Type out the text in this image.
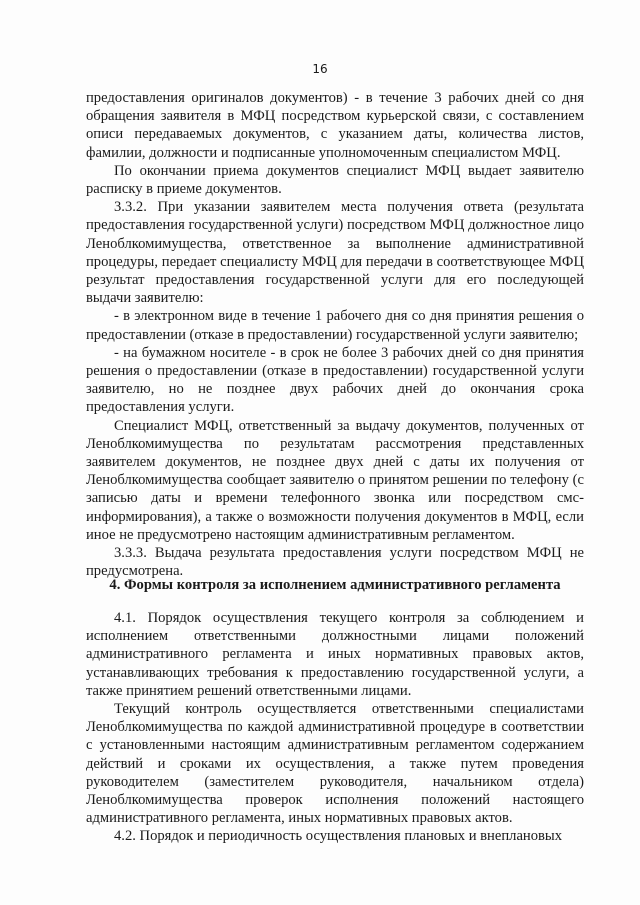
16

предоставления оригиналов документов) - в течение 3 рабочих дней со дня обращения заявителя в МФЦ посредством курьерской связи, с составлением описи передаваемых документов, с указанием даты, количества листов, фамилии, должности и подписанные уполномоченным специалистом МФЦ.

По окончании приема документов специалист МФЦ выдает заявителю расписку в приеме документов.

3.3.2. При указании заявителем места получения ответа (результата предоставления государственной услуги) посредством МФЦ должностное лицо Леноблкомимущества, ответственное за выполнение административной процедуры, передает специалисту МФЦ для передачи в соответствующее МФЦ результат предоставления государственной услуги для его последующей выдачи заявителю:

- в электронном виде в течение 1 рабочего дня со дня принятия решения о предоставлении (отказе в предоставлении) государственной услуги заявителю;

- на бумажном носителе - в срок не более 3 рабочих дней со дня принятия решения о предоставлении (отказе в предоставлении) государственной услуги заявителю, но не позднее двух рабочих дней до окончания срока предоставления услуги.

Специалист МФЦ, ответственный за выдачу документов, полученных от Леноблкомимущества по результатам рассмотрения представленных заявителем документов, не позднее двух дней с даты их получения от Леноблкомимущества сообщает заявителю о принятом решении по телефону (с записью даты и времени телефонного звонка или посредством смс-информирования), а также о возможности получения документов в МФЦ, если иное не предусмотрено настоящим административным регламентом.

3.3.3. Выдача результата предоставления услуги посредством МФЦ не предусмотрена.

4. Формы контроля за исполнением административного регламента

4.1. Порядок осуществления текущего контроля за соблюдением и исполнением ответственными должностными лицами положений административного регламента и иных нормативных правовых актов, устанавливающих требования к предоставлению государственной услуги, а также принятием решений ответственными лицами.

Текущий контроль осуществляется ответственными специалистами Леноблкомимущества по каждой административной процедуре в соответствии с установленными настоящим административным регламентом содержанием действий и сроками их осуществления, а также путем проведения руководителем (заместителем руководителя, начальником отдела) Леноблкомимущества проверок исполнения положений настоящего административного регламента, иных нормативных правовых актов.

4.2. Порядок и периодичность осуществления плановых и внеплановых
